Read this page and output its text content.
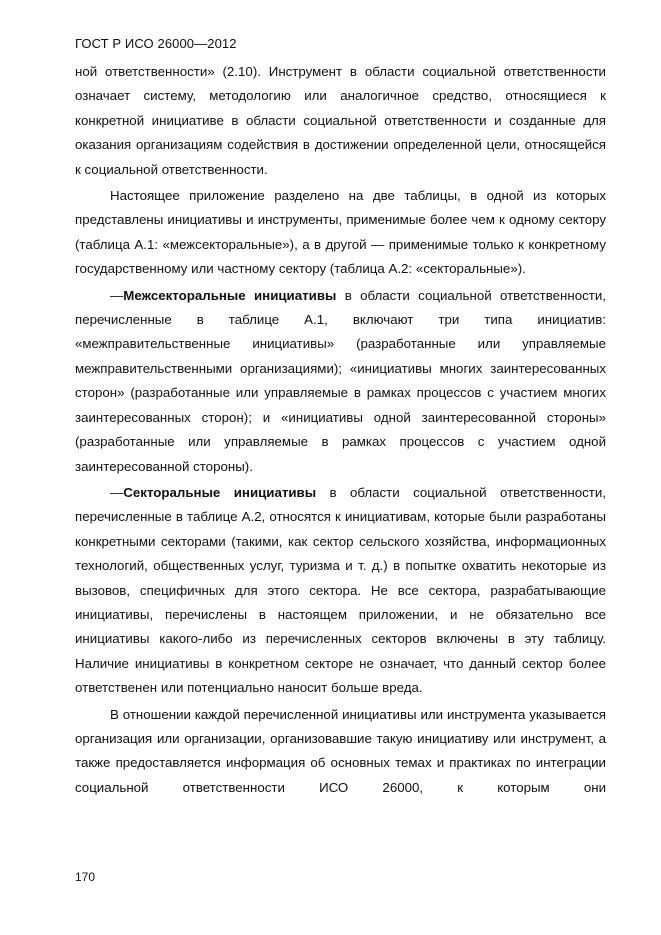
ГОСТ Р ИСО 26000—2012

ной ответственности» (2.10). Инструмент в области социальной ответственности означает систему, методологию или аналогичное средство, относящиеся к конкретной инициативе в области социальной ответственности и созданные для оказания организациям содействия в достижении определенной цели, относящейся к социальной ответственности.

Настоящее приложение разделено на две таблицы, в одной из которых представлены инициативы и инструменты, применимые более чем к одному сектору (таблица А.1: «межсекторальные»), а в другой — применимые только к конкретному государственному или частному сектору (таблица А.2: «секторальные»).

—Межсекторальные инициативы в области социальной ответственности, перечисленные в таблице А.1, включают три типа инициатив: «межправительственные инициативы» (разработанные или управляемые межправительственными организациями); «инициативы многих заинтересованных сторон» (разработанные или управляемые в рамках процессов с участием многих заинтересованных сторон); и «инициативы одной заинтересованной стороны» (разработанные или управляемые в рамках процессов с участием одной заинтересованной стороны).

—Секторальные инициативы в области социальной ответственности, перечисленные в таблице А.2, относятся к инициативам, которые были разработаны конкретными секторами (такими, как сектор сельского хозяйства, информационных технологий, общественных услуг, туризма и т. д.) в попытке охватить некоторые из вызовов, специфичных для этого сектора. Не все сектора, разрабатывающие инициативы, перечислены в настоящем приложении, и не обязательно все инициативы какого-либо из перечисленных секторов включены в эту таблицу. Наличие инициативы в конкретном секторе не означает, что данный сектор более ответственен или потенциально наносит больше вреда.

В отношении каждой перечисленной инициативы или инструмента указывается организация или организации, организовавшие такую инициативу или инструмент, а также предоставляется информация об основных темах и практиках по интеграции социальной ответственности ИСО 26000, к которым они

170
